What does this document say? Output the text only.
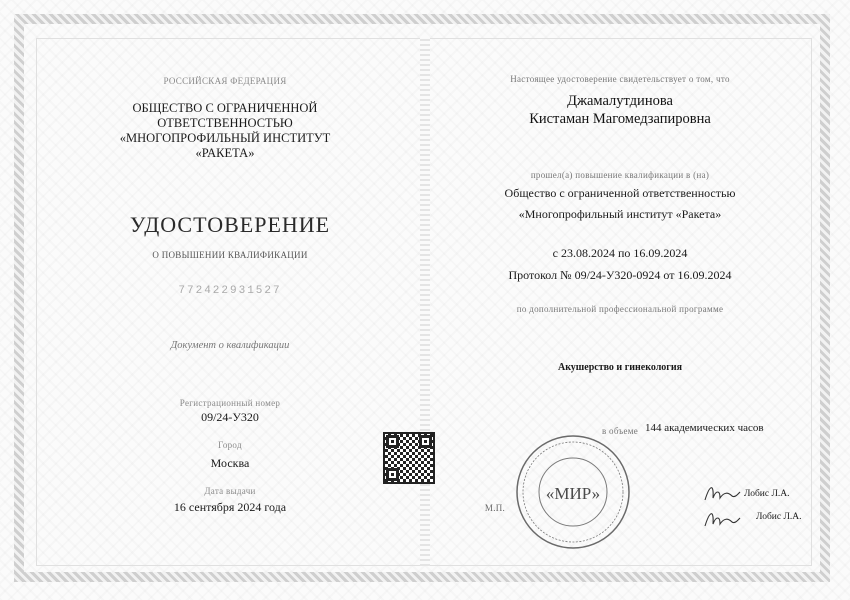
РОССИЙСКАЯ ФЕДЕРАЦИЯ
ОБЩЕСТВО С ОГРАНИЧЕННОЙ
ОТВЕТСТВЕННОСТЬЮ
«МНОГОПРОФИЛЬНЫЙ ИНСТИТУТ
«РАКЕТА»
УДОСТОВЕРЕНИЕ
О ПОВЫШЕНИИ КВАЛИФИКАЦИИ
772422931527
Документ о квалификации
Регистрационный номер
09/24-У320
Город
Москва
Дата выдачи
16 сентября 2024 года	М.П.
Настоящее удостоверение свидетельствует о том, что
Джамалутдинова
Кистаман Магомедзапировна
прошел(а) повышение квалификации в (на)
Общество с ограниченной ответственностью
«Многопрофильный институт «Ракета»
с 23.08.2024 по 16.09.2024
Протокол № 09/24-У320-0924 от 16.09.2024
по дополнительной профессиональной программе
Акушерство и гинекология
в объеме 144 академических часов
«МИР»	Лобис Л.А.
Лобис Л.А.
